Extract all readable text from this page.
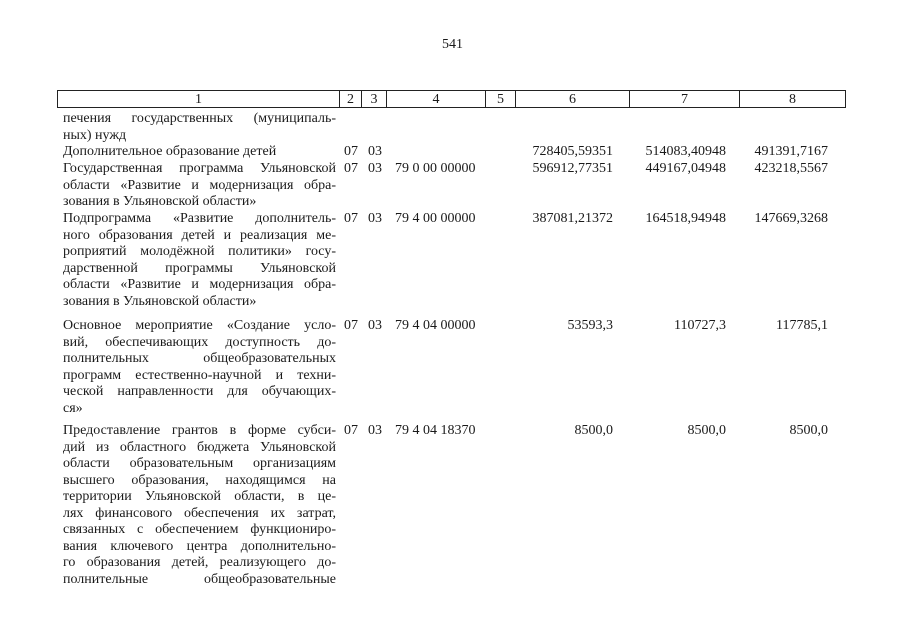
541
1	2	3	4	5	6	7	8
печения государственных (муниципаль-
ных) нужд
Дополнительное образование детей	07 03	728405,59351 514083,40948 491391,7167
Государственная программа Ульяновской
области «Развитие и модернизация обра-
зования в Ульяновской области»
07 03 79 0 00 00000	596912,77351 449167,04948 423218,5567
Подпрограмма «Развитие дополнитель-
ного образования детей и реализация ме-
роприятий молодёжной политики» госу-
дарственной программы Ульяновской
области «Развитие и модернизация обра-
зования в Ульяновской области»
07 03 79 4 00 00000	387081,21372 164518,94948 147669,3268
Основное мероприятие «Создание усло-
вий, обеспечивающих доступность до-
полнительных общеобразовательных
программ естественно-научной и техни-
ческой направленности для обучающих-
ся»
07 03 79 4 04 00000	53593,3	110727,3	117785,1
Предоставление грантов в форме субси-
дий из областного бюджета Ульяновской
области образовательным организациям
высшего образования, находящимся на
территории Ульяновской области, в це-
лях финансового обеспечения их затрат,
связанных с обеспечением функциониро-
вания ключевого центра дополнительно-
го образования детей, реализующего до-
полнительные общеобразовательные
07 03 79 4 04 18370	8500,0	8500,0	8500,0
